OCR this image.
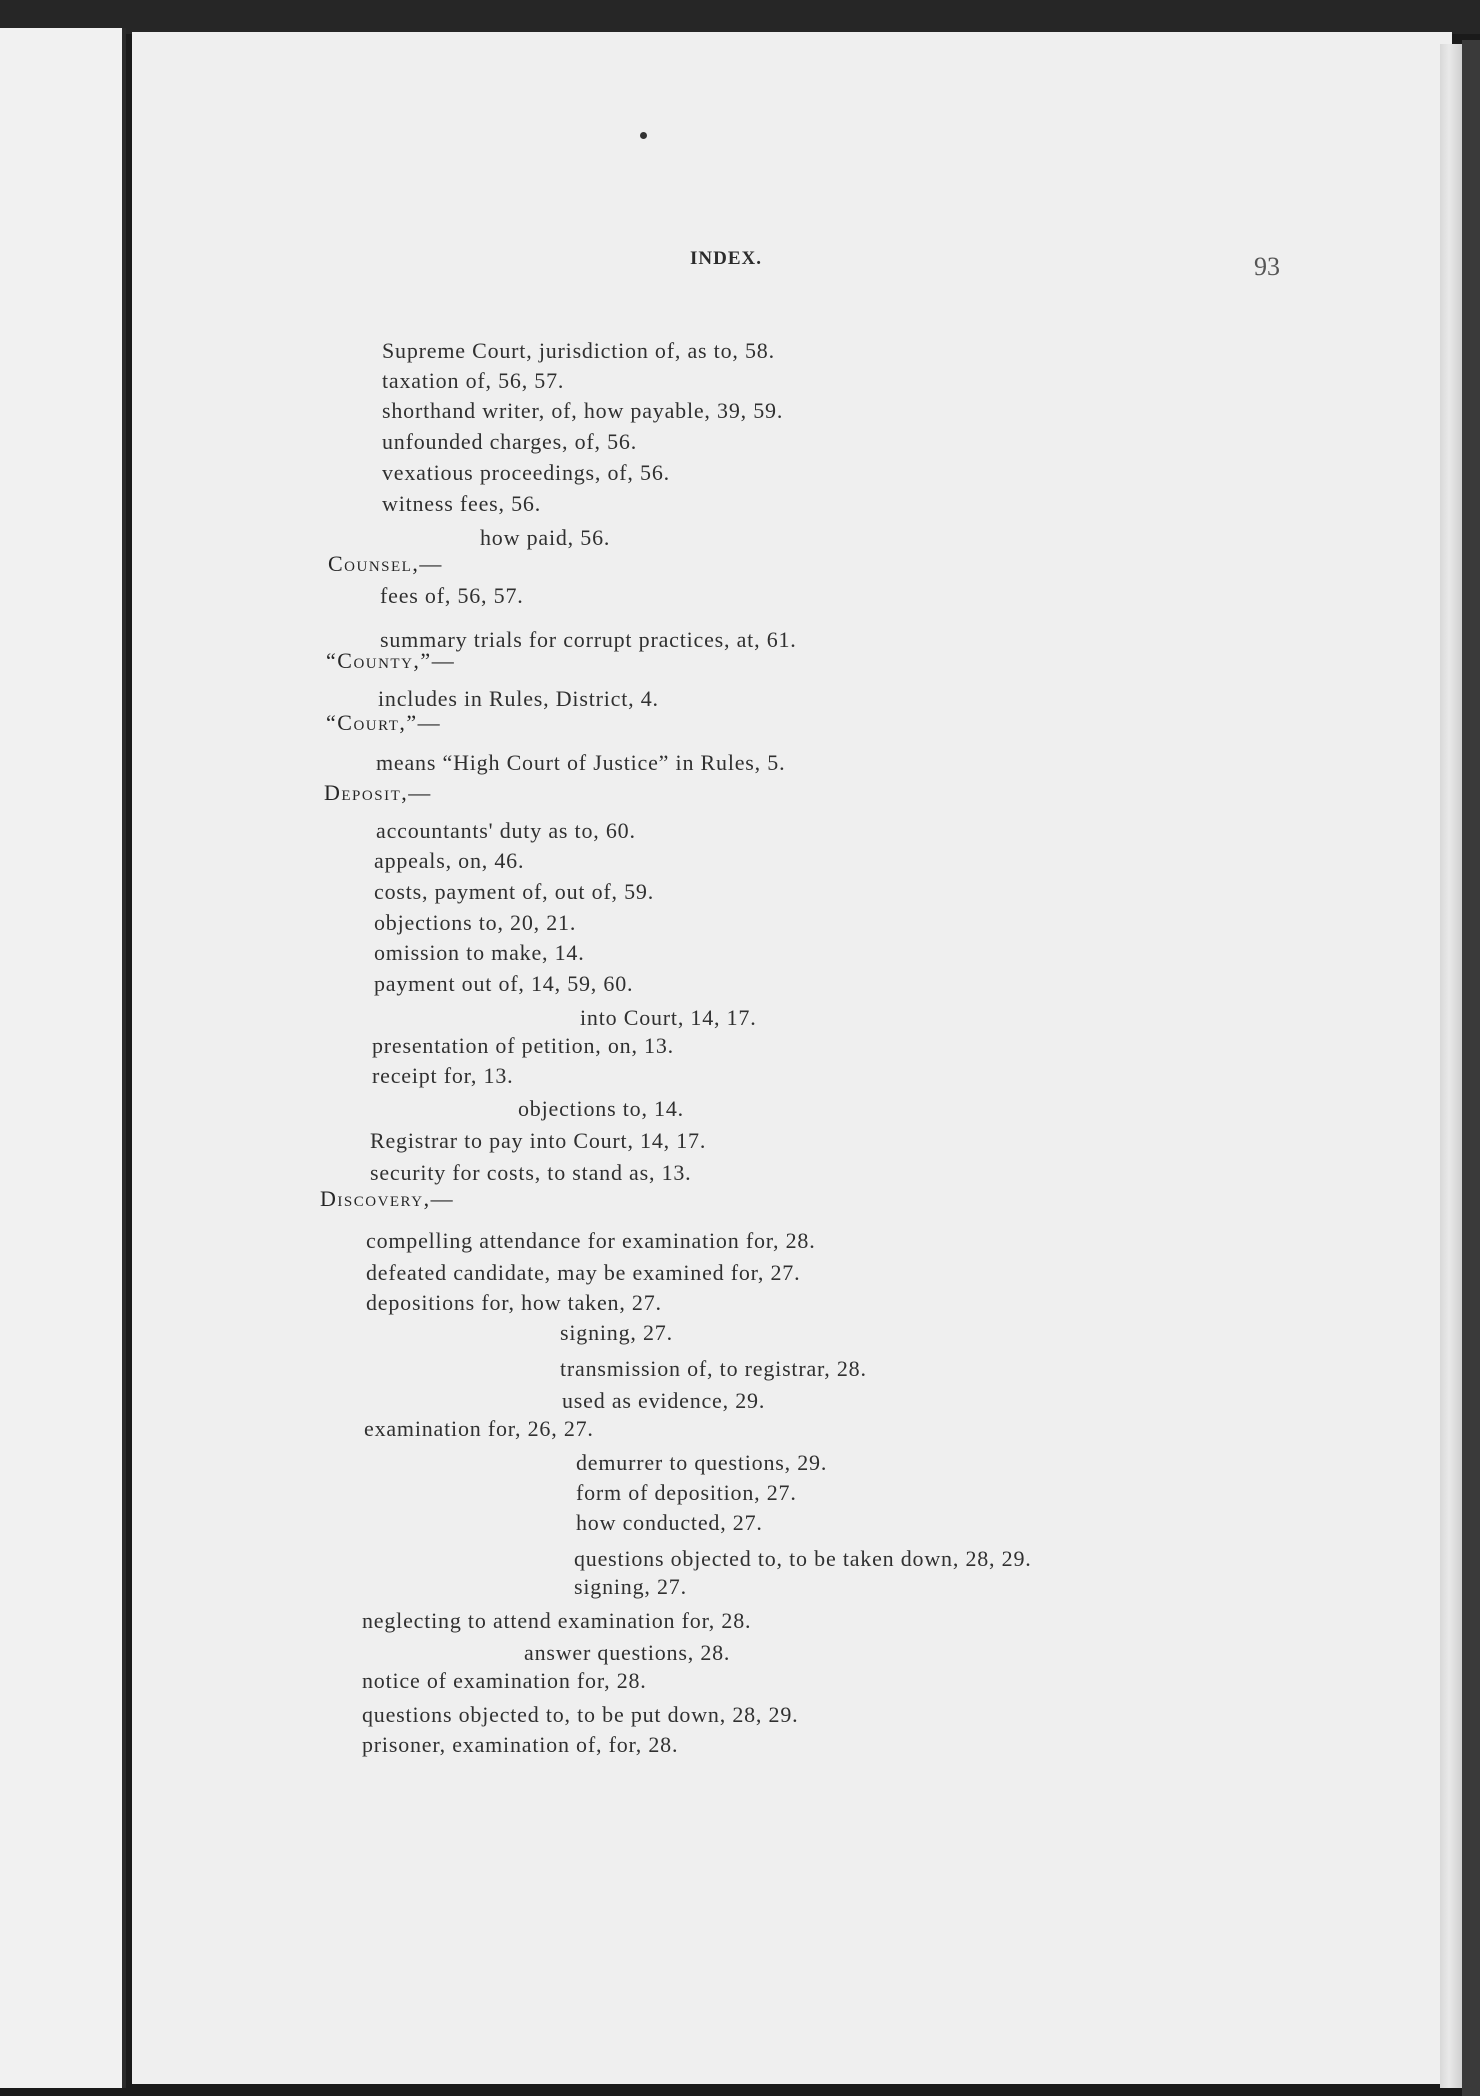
INDEX.	93
Supreme Court, jurisdiction of, as to, 58.
taxation of, 56, 57.
shorthand writer, of, how payable, 39, 59.
unfounded charges, of, 56.
vexatious proceedings, of, 56.
witness fees, 56.
how paid, 56.
Counsel,—
fees of, 56, 57.
summary trials for corrupt practices, at, 61.
“County,”—
includes in Rules, District, 4.
“Court,”—
means “High Court of Justice” in Rules, 5.
Deposit,—
accountants' duty as to, 60.
appeals, on, 46.
costs, payment of, out of, 59.
objections to, 20, 21.
omission to make, 14.
payment out of, 14, 59, 60.
into Court, 14, 17.
presentation of petition, on, 13.
receipt for, 13.
objections to, 14.
Registrar to pay into Court, 14, 17.
security for costs, to stand as, 13.
Discovery,—
compelling attendance for examination for, 28.
defeated candidate, may be examined for, 27.
depositions for, how taken, 27.
signing, 27.
transmission of, to registrar, 28.
used as evidence, 29.
examination for, 26, 27.
demurrer to questions, 29.
form of deposition, 27.
how conducted, 27.
questions objected to, to be taken down, 28, 29.
signing, 27.
neglecting to attend examination for, 28.
answer questions, 28.
notice of examination for, 28.
questions objected to, to be put down, 28, 29.
prisoner, examination of, for, 28.
